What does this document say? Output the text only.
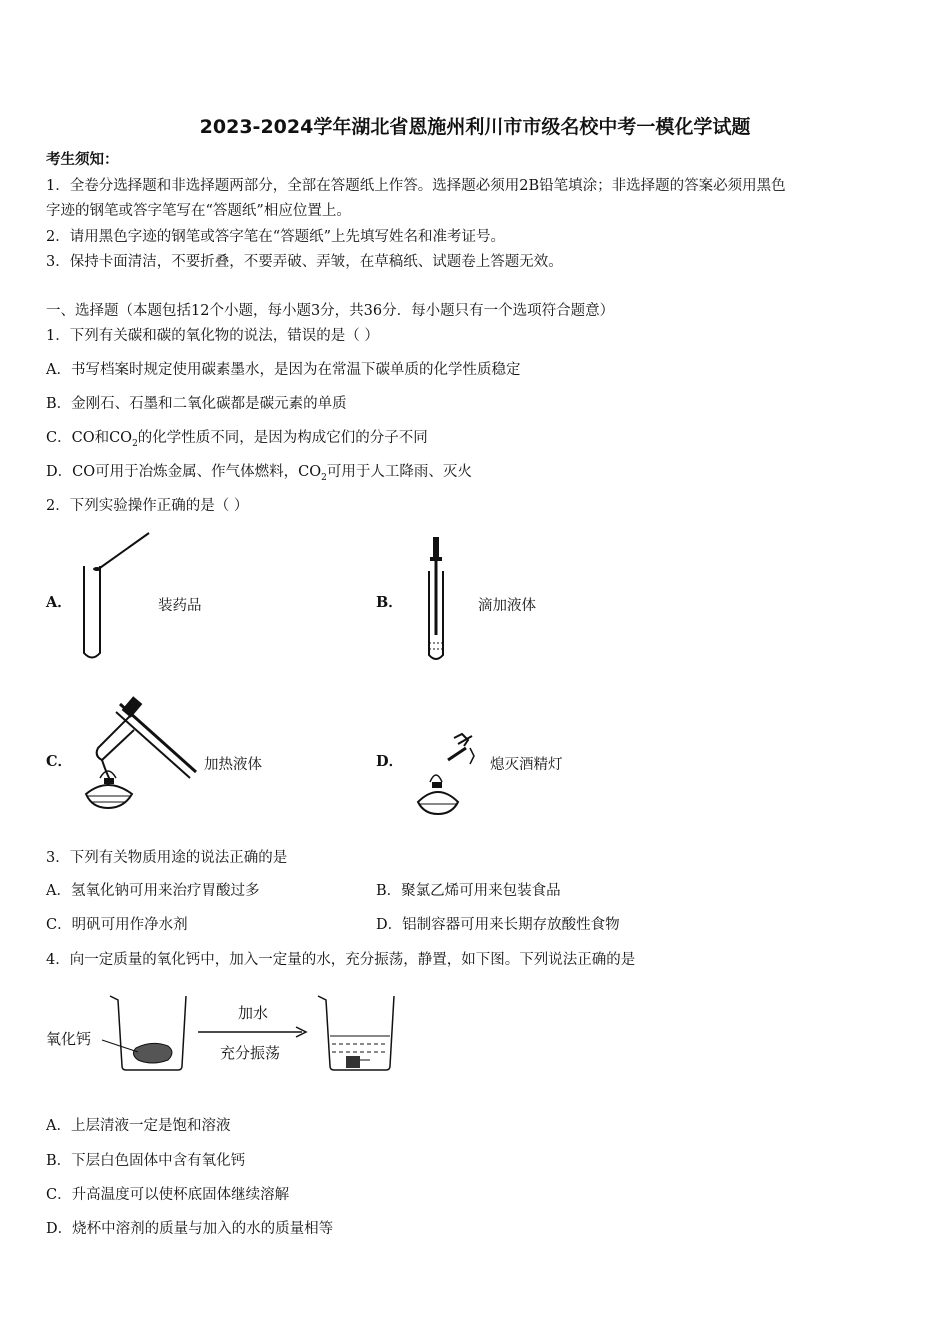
2023-2024学年湖北省恩施州利川市市级名校中考一模化学试题
考生须知：
1．全卷分选择题和非选择题两部分，全部在答题纸上作答。选择题必须用2B铅笔填涂；非选择题的答案必须用黑色
字迹的钢笔或答字笔写在“答题纸”相应位置上。
2．请用黑色字迹的钢笔或答字笔在“答题纸”上先填写姓名和准考证号。
3．保持卡面清洁，不要折叠，不要弄破、弄皱，在草稿纸、试题卷上答题无效。
一、选择题（本题包括12个小题，每小题3分，共36分．每小题只有一个选项符合题意）
1．下列有关碳和碳的氧化物的说法，错误的是（ ）
A．书写档案时规定使用碳素墨水，是因为在常温下碳单质的化学性质稳定
B．金刚石、石墨和二氧化碳都是碳元素的单质
C．CO和$CO_2$的化学性质不同，是因为构成它们的分子不同
D．CO可用于冶炼金属、作气体燃料，$CO_2$可用于人工降雨、灭火
2．下列实验操作正确的是（ ）
A．	装药品	B．	滴加液体
C．	加热液体	D．	熄灭酒精灯
3．下列有关物质用途的说法正确的是
A．氢氧化钠可用来治疗胃酸过多	B．聚氯乙烯可用来包装食品
C．明矾可用作净水剂	D．铝制容器可用来长期存放酸性食物
4．向一定质量的氧化钙中，加入一定量的水，充分振荡，静置，如下图。下列说法正确的是
氧化钙
加水
充分振荡
A．上层清液一定是饱和溶液
B．下层白色固体中含有氧化钙
C．升高温度可以使杯底固体继续溶解
D．烧杯中溶剂的质量与加入的水的质量相等
